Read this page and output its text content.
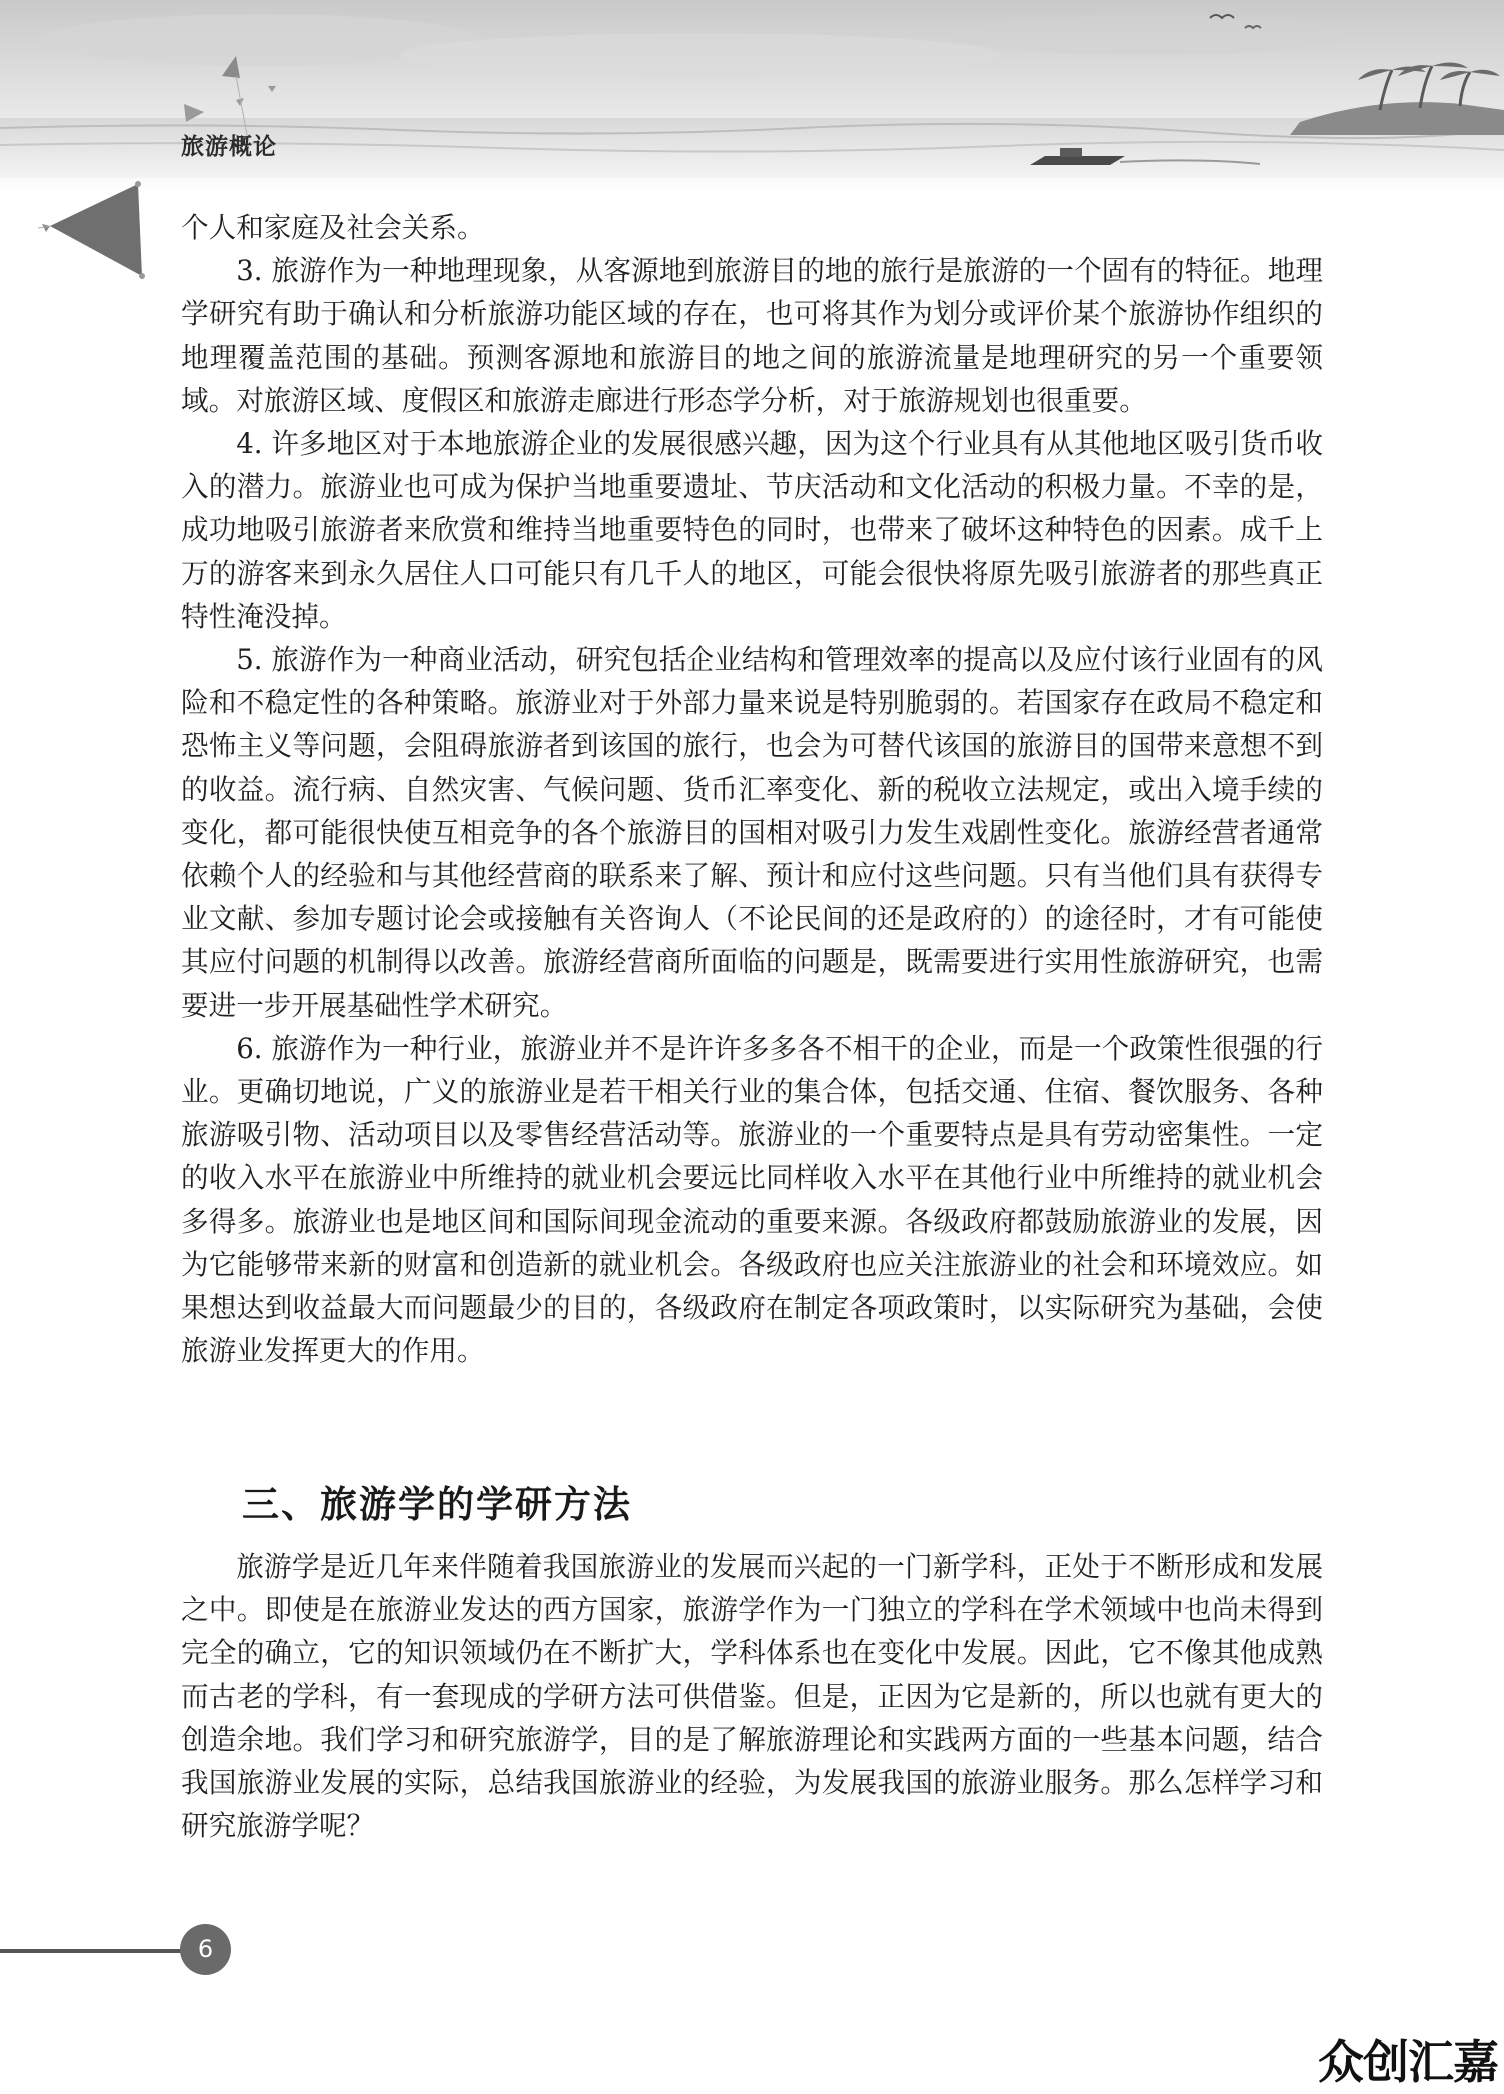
旅游概论

个人和家庭及社会关系。

3. 旅游作为一种地理现象，从客源地到旅游目的地的旅行是旅游的一个固有的特征。地理学研究有助于确认和分析旅游功能区域的存在，也可将其作为划分或评价某个旅游协作组织的地理覆盖范围的基础。预测客源地和旅游目的地之间的旅游流量是地理研究的另一个重要领域。对旅游区域、度假区和旅游走廊进行形态学分析，对于旅游规划也很重要。

4. 许多地区对于本地旅游企业的发展很感兴趣，因为这个行业具有从其他地区吸引货币收入的潜力。旅游业也可成为保护当地重要遗址、节庆活动和文化活动的积极力量。不幸的是，成功地吸引旅游者来欣赏和维持当地重要特色的同时，也带来了破坏这种特色的因素。成千上万的游客来到永久居住人口可能只有几千人的地区，可能会很快将原先吸引旅游者的那些真正特性淹没掉。

5. 旅游作为一种商业活动，研究包括企业结构和管理效率的提高以及应付该行业固有的风险和不稳定性的各种策略。旅游业对于外部力量来说是特别脆弱的。若国家存在政局不稳定和恐怖主义等问题，会阻碍旅游者到该国的旅行，也会为可替代该国的旅游目的国带来意想不到的收益。流行病、自然灾害、气候问题、货币汇率变化、新的税收立法规定，或出入境手续的变化，都可能很快使互相竞争的各个旅游目的国相对吸引力发生戏剧性变化。旅游经营者通常依赖个人的经验和与其他经营商的联系来了解、预计和应付这些问题。只有当他们具有获得专业文献、参加专题讨论会或接触有关咨询人（不论民间的还是政府的）的途径时，才有可能使其应付问题的机制得以改善。旅游经营商所面临的问题是，既需要进行实用性旅游研究，也需要进一步开展基础性学术研究。

6. 旅游作为一种行业，旅游业并不是许许多多各不相干的企业，而是一个政策性很强的行业。更确切地说，广义的旅游业是若干相关行业的集合体，包括交通、住宿、餐饮服务、各种旅游吸引物、活动项目以及零售经营活动等。旅游业的一个重要特点是具有劳动密集性。一定的收入水平在旅游业中所维持的就业机会要远比同样收入水平在其他行业中所维持的就业机会多得多。旅游业也是地区间和国际间现金流动的重要来源。各级政府都鼓励旅游业的发展，因为它能够带来新的财富和创造新的就业机会。各级政府也应关注旅游业的社会和环境效应。如果想达到收益最大而问题最少的目的，各级政府在制定各项政策时，以实际研究为基础，会使旅游业发挥更大的作用。

三、旅游学的学研方法

旅游学是近几年来伴随着我国旅游业的发展而兴起的一门新学科，正处于不断形成和发展之中。即使是在旅游业发达的西方国家，旅游学作为一门独立的学科在学术领域中也尚未得到完全的确立，它的知识领域仍在不断扩大，学科体系也在变化中发展。因此，它不像其他成熟而古老的学科，有一套现成的学研方法可供借鉴。但是，正因为它是新的，所以也就有更大的创造余地。我们学习和研究旅游学，目的是了解旅游理论和实践两方面的一些基本问题，结合我国旅游业发展的实际，总结我国旅游业的经验，为发展我国的旅游业服务。那么怎样学习和研究旅游学呢？

6
众创汇嘉
